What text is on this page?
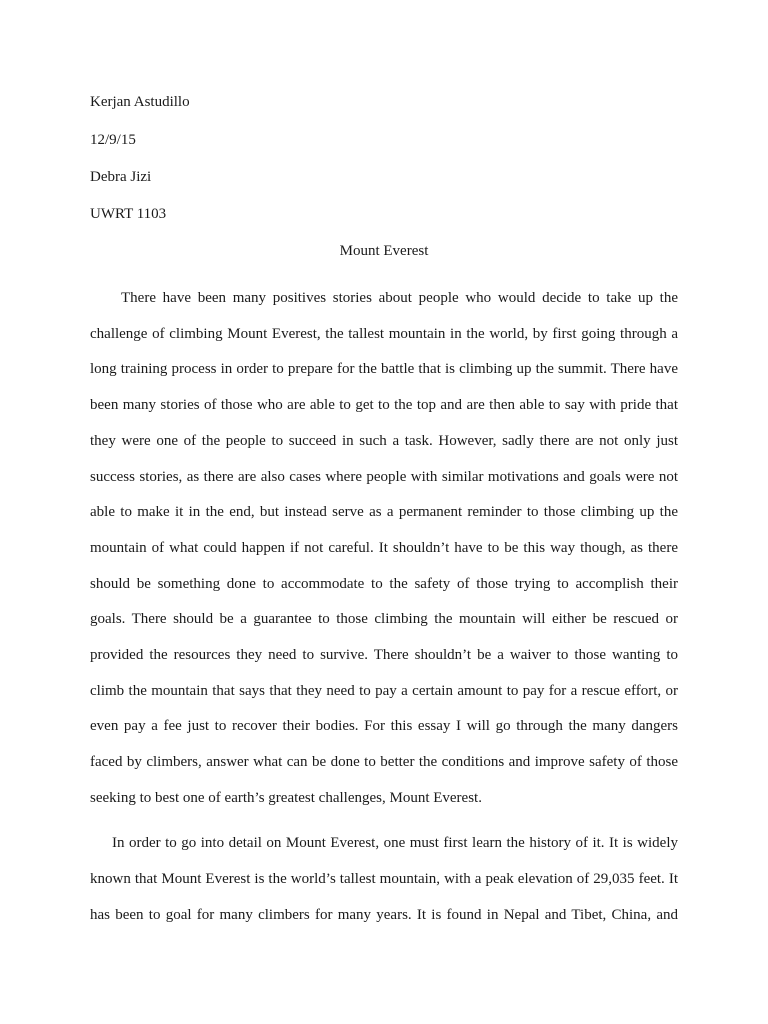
Kerjan Astudillo
12/9/15
Debra Jizi
UWRT 1103
Mount Everest
There have been many positives stories about people who would decide to take up the
challenge of climbing Mount Everest, the tallest mountain in the world, by first going through a
long training process in order to prepare for the battle that is climbing up the summit. There have
been many stories of those who are able to get to the top and are then able to say with pride that
they were one of the people to succeed in such a task. However, sadly there are not only just
success stories, as there are also cases where people with similar motivations and goals were not
able to make it in the end, but instead serve as a permanent reminder to those climbing up the
mountain of what could happen if not careful. It shouldn’t have to be this way though, as there
should be something done to accommodate to the safety of those trying to accomplish their
goals. There should be a guarantee to those climbing the mountain will either be rescued or
provided the resources they need to survive. There shouldn’t be a waiver to those wanting to
climb the mountain that says that they need to pay a certain amount to pay for a rescue effort, or
even pay a fee just to recover their bodies. For this essay I will go through the many dangers
faced by climbers, answer what can be done to better the conditions and improve safety of those
seeking to best one of earth’s greatest challenges, Mount Everest.
In order to go into detail on Mount Everest, one must first learn the history of it. It is widely
known that Mount Everest is the world’s tallest mountain, with a peak elevation of 29,035 feet. It
has been to goal for many climbers for many years. It is found in Nepal and Tibet, China, and
